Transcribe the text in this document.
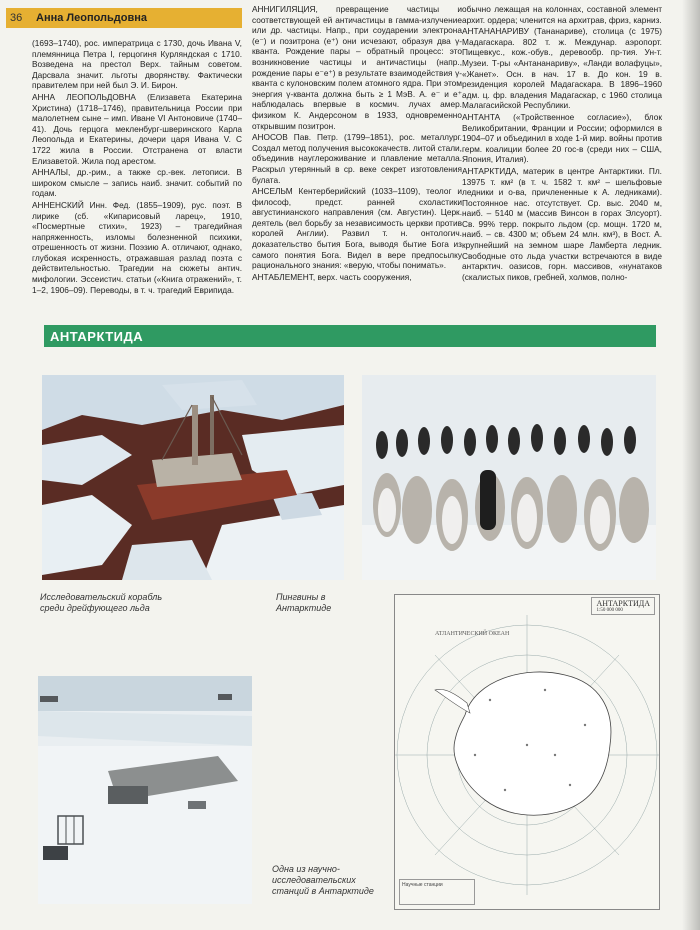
36	Анна Леопольдовна

(1693–1740), рос. императрица с 1730, дочь Ивана V, племянница Петра I, герцогиня Курляндская с 1710. Возведена на престол Верх. тайным советом. Дарсвала значит. льготы дворянству. Фактически правителем при ней был Э. И. Бирон.

АННА ЛЕОПОЛЬДОВНА (Елизавета Екатерина Христина) (1718–1746), правительница России при малолетнем сыне – имп. Иване VI Антоновиче (1740–41). Дочь герцога мекленбург-шверинского Карла Леопольда и Екатерины, дочери царя Ивана V. С 1722 жила в России. Отстранена от власти Елизаветой. Жила под арестом.

АННАЛЫ, др.-рим., а также ср.-век. летописи. В широком смысле – запись наиб. значит. событий по годам.

АННЕНСКИЙ Инн. Фед. (1855–1909), рус. поэт. В лирике (сб. «Кипарисовый ларец», 1910, «Посмертные стихи», 1923) – трагедийная напряженность, изломы болезненной психики, отрешенность от жизни. Поэзию А. отличают, однако, глубокая искренность, отражавшая разлад поэта с действительностью. Трагедии на сюжеты антич. мифологии. Эссеистич. статьи («Книга отражений», т. 1–2, 1906–09). Переводы, в т. ч. трагедий Еврипида.

АННИГИЛЯЦИЯ, превращение частицы и соответствующей ей античастицы в гамма-излучение или др. частицы. Напр., при соударении электрона (e⁻) и позитрона (e⁺) они исчезают, образуя два γ-кванта. Рождение пары – обратный процесс: это возникновение частицы и античастицы (напр., рождение пары e⁻e⁺) в результате взаимодействия γ-кванта с кулоновским полем атомного ядра. При этом энергия γ-кванта должна быть ≥ 1 МэВ. А. e⁻ и e⁺ наблюдалась впервые в космич. лучах амер. физиком К. Андерсоном в 1933, одновременно открывшим позитрон.

АНОСОВ Пав. Петр. (1799–1851), рос. металлург. Создал метод получения высококачеств. литой стали, объединив науглероживание и плавление металла. Раскрыл утерянный в ср. веке секрет изготовления булата.

АНСЕЛЬМ Кентерберийский (1033–1109), теолог и философ, предст. ранней схоластики августинианского направления (см. Августин). Церк. деятель (вел борьбу за независимость церкви против королей Англии). Развил т. н. онтологич. доказательство бытия Бога, выводя бытие Бога из самого понятия Бога. Видел в вере предпосылку рационального знания: «верую, чтобы понимать».

АНТАБЛЕМЕНТ, верх. часть сооружения,

обычно лежащая на колоннах, составной элемент архит. ордера; членится на архитрав, фриз, карниз.

АНТАНАНАРИВУ (Тананариве), столица (с 1975) Мадагаскара. 802 т. ж. Междунар. аэропорт. Пищевкус., кож.-обув., деревообр. пр-тия. Ун-т. Музеи. Т-ры «Антананариву», «Ланди волафуцы», «Жанет». Осн. в нач. 17 в. До кон. 19 в. резиденция королей Мадагаскара. В 1896–1960 адм. ц. фр. владения Мадагаскар, с 1960 столица Малагасийской Республики.

АНТАНТА («Тройственное согласие»), блок Великобритании, Франции и России; оформился в 1904–07 и объединил в ходе 1-й мир. войны против герм. коалиции более 20 гос-в (среди них – США, Япония, Италия).

АНТАРКТИДА, материк в центре Антарктики. Пл. 13975 т. км² (в т. ч. 1582 т. км² – шельфовые ледники и о-ва, причлененные к А. ледниками). Постоянное нас. отсутствует. Ср. выс. 2040 м, наиб. – 5140 м (массив Винсон в горах Элсуорт). Св. 99% терр. покрыто льдом (ср. мощн. 1720 м, наиб. – св. 4300 м; объем 24 млн. км³), в Вост. А. крупнейший на земном шаре Ламберта ледник. Свободные ото льда участки встречаются в виде антарктич. оазисов, горн. массивов, «нунатаков (скалистых пиков, гребней, холмов, полно-

АНТАРКТИДА
Исследовательский корабль среди дрейфующего льда
Пингвины в Антарктиде
Одна из научно-исследовательских станций в Антарктиде
АТЛАНТИЧЕСКИЙ ОКЕАН
АНТАРКТИДА
1:50 000 000
Научные станции
